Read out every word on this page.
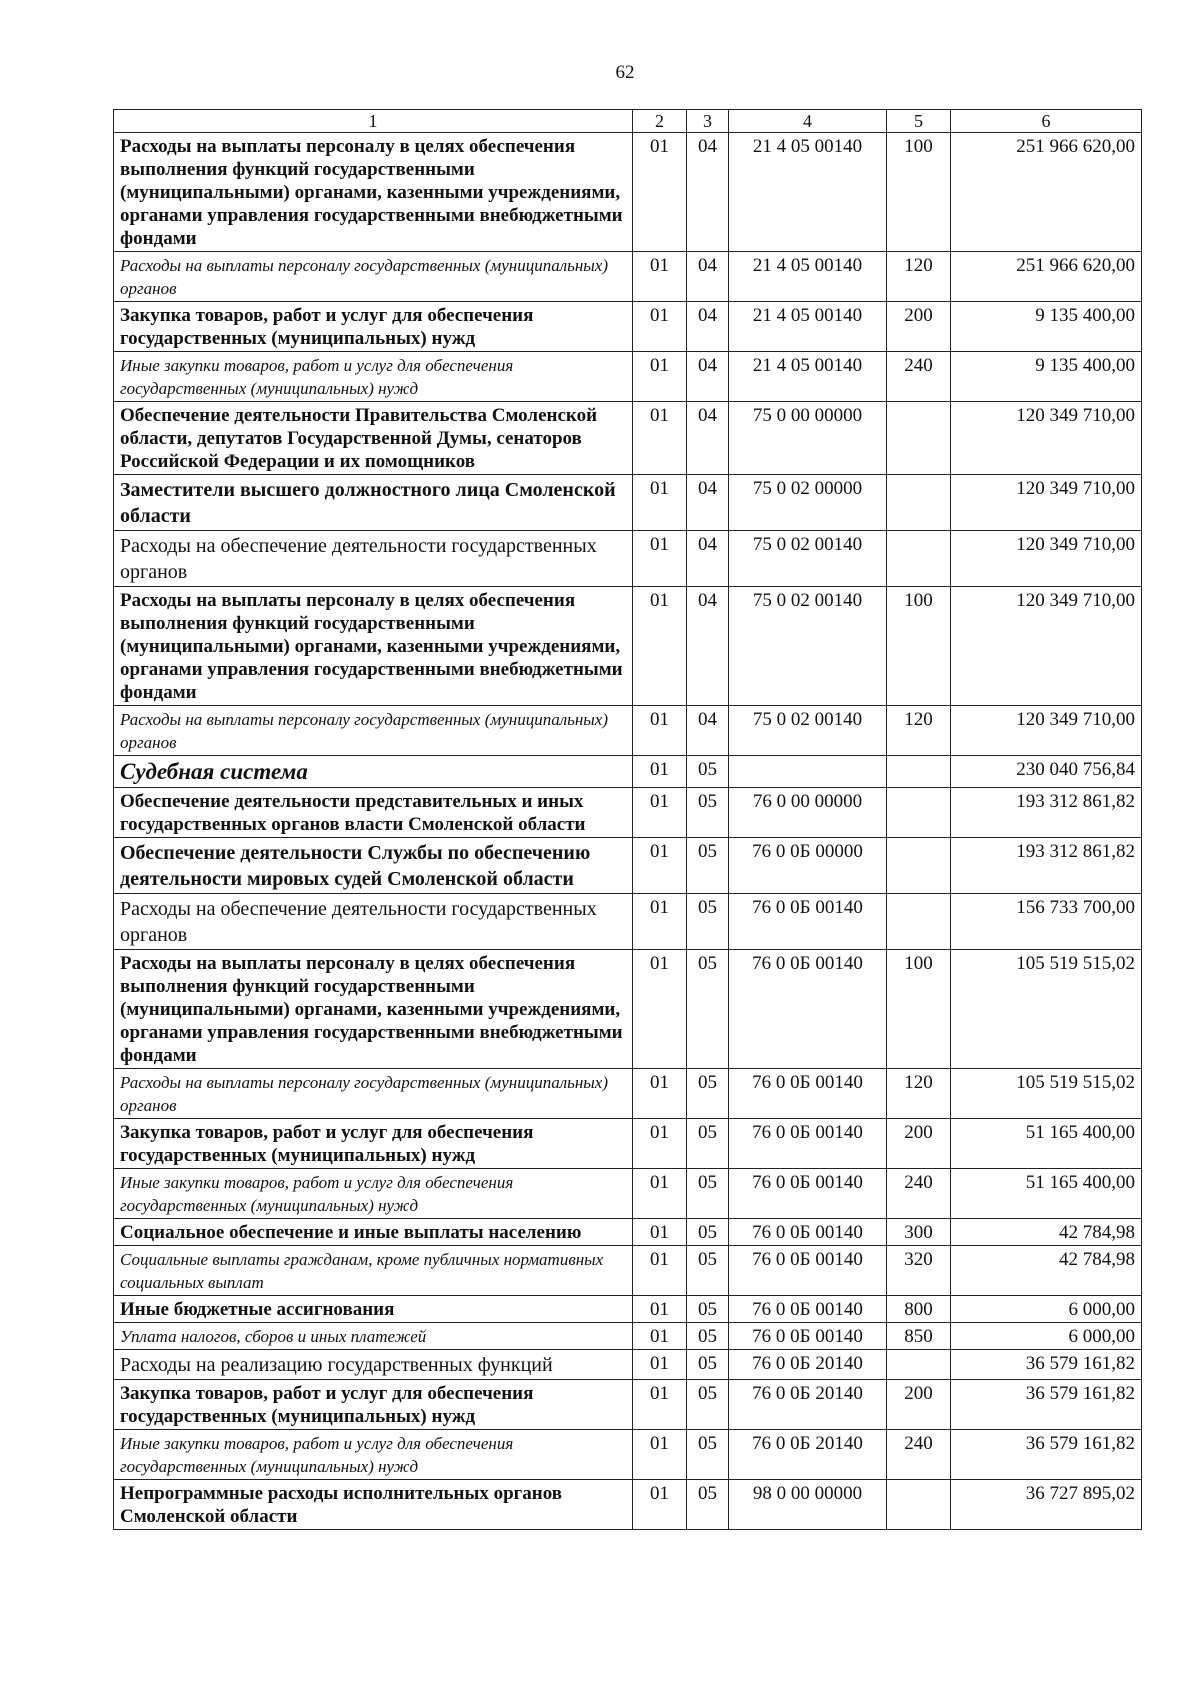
62
1	2	3	4	5	6
Расходы на выплаты персоналу в целях обеспечения выполнения функций государственными (муниципальными) органами, казенными учреждениями, органами управления государственными внебюджетными фондами	01	04	21 4 05 00140	100	251 966 620,00
Расходы на выплаты персоналу государственных (муниципальных) органов	01	04	21 4 05 00140	120	251 966 620,00
Закупка товаров, работ и услуг для обеспечения государственных (муниципальных) нужд	01	04	21 4 05 00140	200	9 135 400,00
Иные закупки товаров, работ и услуг для обеспечения государственных (муниципальных) нужд	01	04	21 4 05 00140	240	9 135 400,00
Обеспечение деятельности Правительства Смоленской области, депутатов Государственной Думы, сенаторов Российской Федерации и их помощников	01	04	75 0 00 00000		120 349 710,00
Заместители высшего должностного лица Смоленской области	01	04	75 0 02 00000		120 349 710,00
Расходы на обеспечение деятельности государственных органов	01	04	75 0 02 00140		120 349 710,00
Расходы на выплаты персоналу в целях обеспечения выполнения функций государственными (муниципальными) органами, казенными учреждениями, органами управления государственными внебюджетными фондами	01	04	75 0 02 00140	100	120 349 710,00
Расходы на выплаты персоналу государственных (муниципальных) органов	01	04	75 0 02 00140	120	120 349 710,00
Судебная система	01	05			230 040 756,84
Обеспечение деятельности представительных и иных государственных органов власти Смоленской области	01	05	76 0 00 00000		193 312 861,82
Обеспечение деятельности Службы по обеспечению деятельности мировых судей Смоленской области	01	05	76 0 0Б 00000		193 312 861,82
Расходы на обеспечение деятельности государственных органов	01	05	76 0 0Б 00140		156 733 700,00
Расходы на выплаты персоналу в целях обеспечения выполнения функций государственными (муниципальными) органами, казенными учреждениями, органами управления государственными внебюджетными фондами	01	05	76 0 0Б 00140	100	105 519 515,02
Расходы на выплаты персоналу государственных (муниципальных) органов	01	05	76 0 0Б 00140	120	105 519 515,02
Закупка товаров, работ и услуг для обеспечения государственных (муниципальных) нужд	01	05	76 0 0Б 00140	200	51 165 400,00
Иные закупки товаров, работ и услуг для обеспечения государственных (муниципальных) нужд	01	05	76 0 0Б 00140	240	51 165 400,00
Социальное обеспечение и иные выплаты населению	01	05	76 0 0Б 00140	300	42 784,98
Социальные выплаты гражданам, кроме публичных нормативных социальных выплат	01	05	76 0 0Б 00140	320	42 784,98
Иные бюджетные ассигнования	01	05	76 0 0Б 00140	800	6 000,00
Уплата налогов, сборов и иных платежей	01	05	76 0 0Б 00140	850	6 000,00
Расходы на реализацию государственных функций	01	05	76 0 0Б 20140		36 579 161,82
Закупка товаров, работ и услуг для обеспечения государственных (муниципальных) нужд	01	05	76 0 0Б 20140	200	36 579 161,82
Иные закупки товаров, работ и услуг для обеспечения государственных (муниципальных) нужд	01	05	76 0 0Б 20140	240	36 579 161,82
Непрограммные расходы исполнительных органов Смоленской области	01	05	98 0 00 00000		36 727 895,02
